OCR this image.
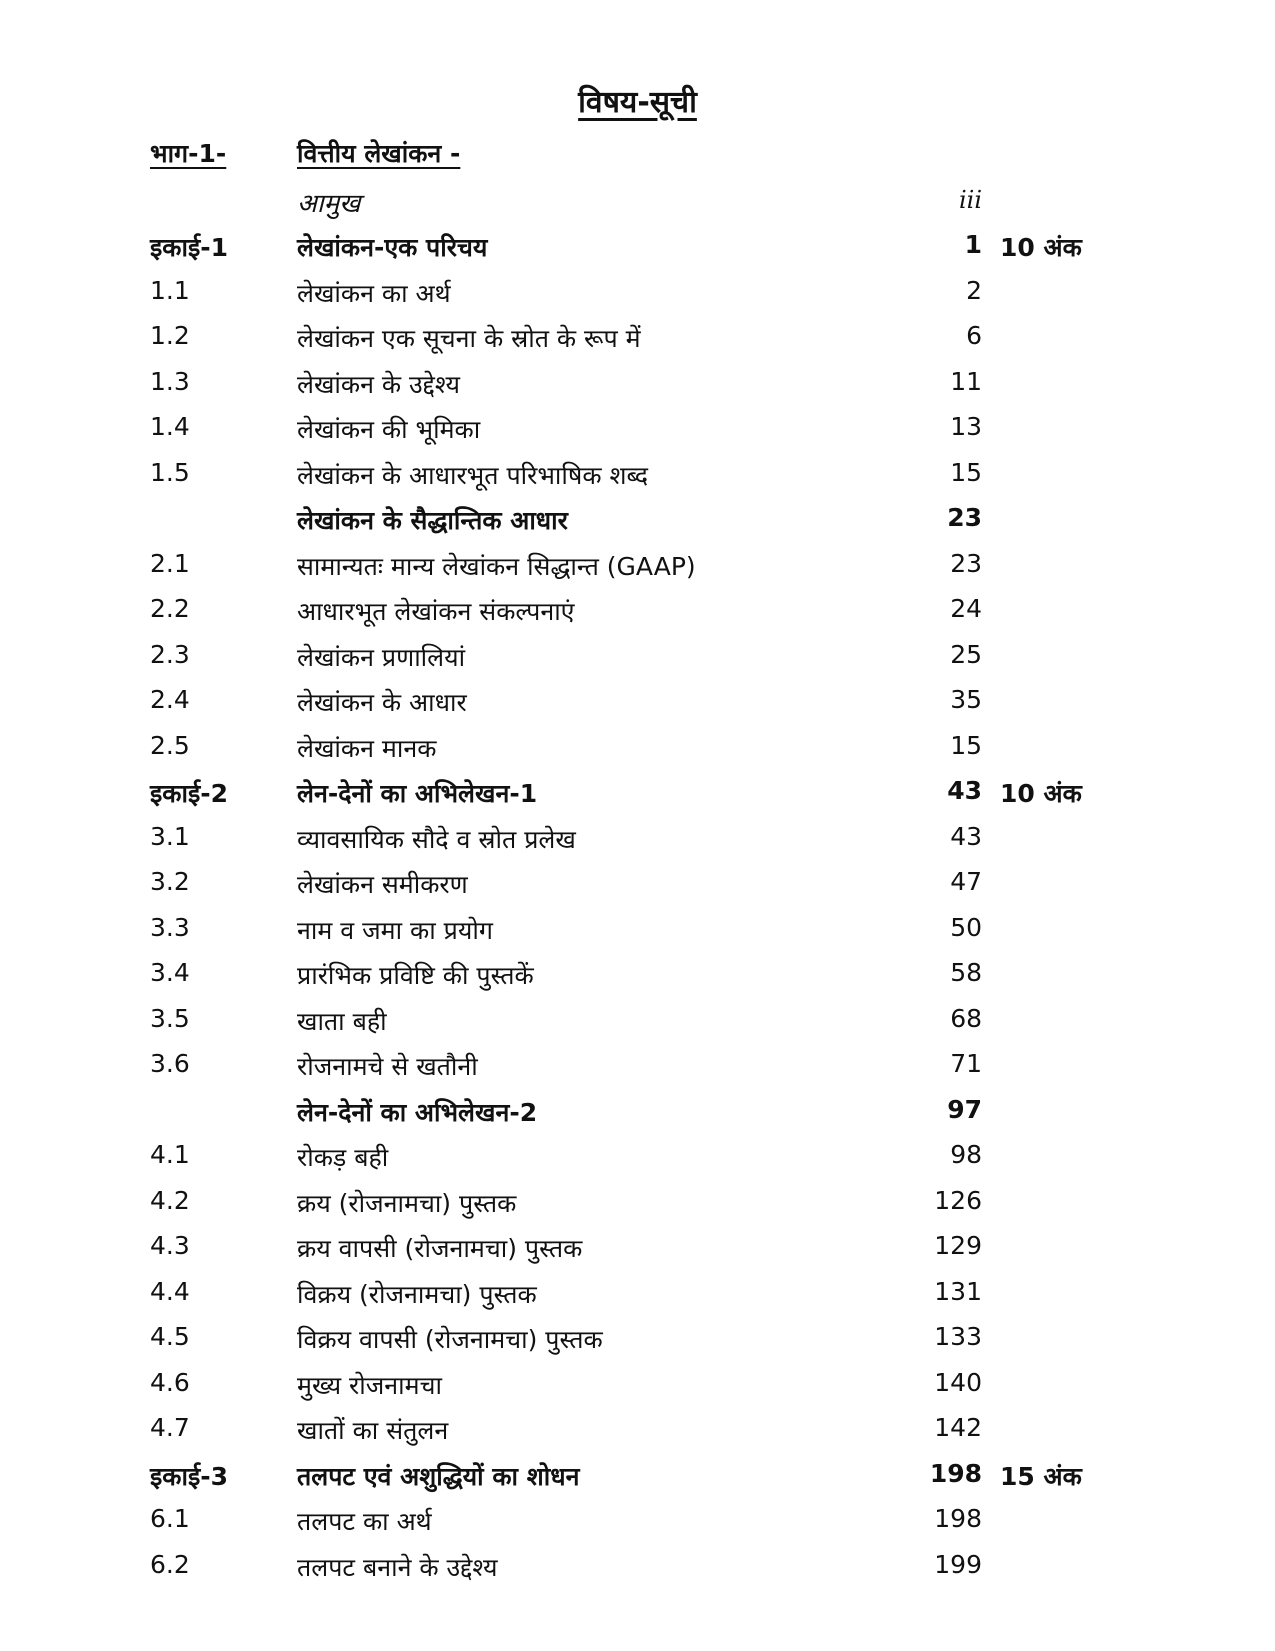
विषय-सूची
भाग-1-	वित्तीय लेखांकन -
आमुख	iii
इकाई-1	लेखांकन-एक परिचय	1 10 अंक
1.1	लेखांकन का अर्थ	2
1.2	लेखांकन एक सूचना के स्रोत के रूप में	6
1.3	लेखांकन के उद्देश्य	11
1.4	लेखांकन की भूमिका	13
1.5	लेखांकन के आधारभूत परिभाषिक शब्द	15
लेखांकन के सैद्धान्तिक आधार	23
2.1	सामान्यतः मान्य लेखांकन सिद्धान्त (GAAP)	23
2.2	आधारभूत लेखांकन संकल्पनाएं	24
2.3	लेखांकन प्रणालियां	25
2.4	लेखांकन के आधार	35
2.5	लेखांकन मानक	15
इकाई-2	लेन-देनों का अभिलेखन-1	43 10 अंक
3.1	व्यावसायिक सौदे व स्रोत प्रलेख	43
3.2	लेखांकन समीकरण	47
3.3	नाम व जमा का प्रयोग	50
3.4	प्रारंभिक प्रविष्टि की पुस्तकें	58
3.5	खाता बही	68
3.6	रोजनामचे से खतौनी	71
लेन-देनों का अभिलेखन-2	97
4.1	रोकड़ बही	98
4.2	क्रय (रोजनामचा) पुस्तक	126
4.3	क्रय वापसी (रोजनामचा) पुस्तक	129
4.4	विक्रय (रोजनामचा) पुस्तक	131
4.5	विक्रय वापसी (रोजनामचा) पुस्तक	133
4.6	मुख्य रोजनामचा	140
4.7	खातों का संतुलन	142
इकाई-3	तलपट एवं अशुद्धियों का शोधन	198 15 अंक
6.1	तलपट का अर्थ	198
6.2	तलपट बनाने के उद्देश्य	199
